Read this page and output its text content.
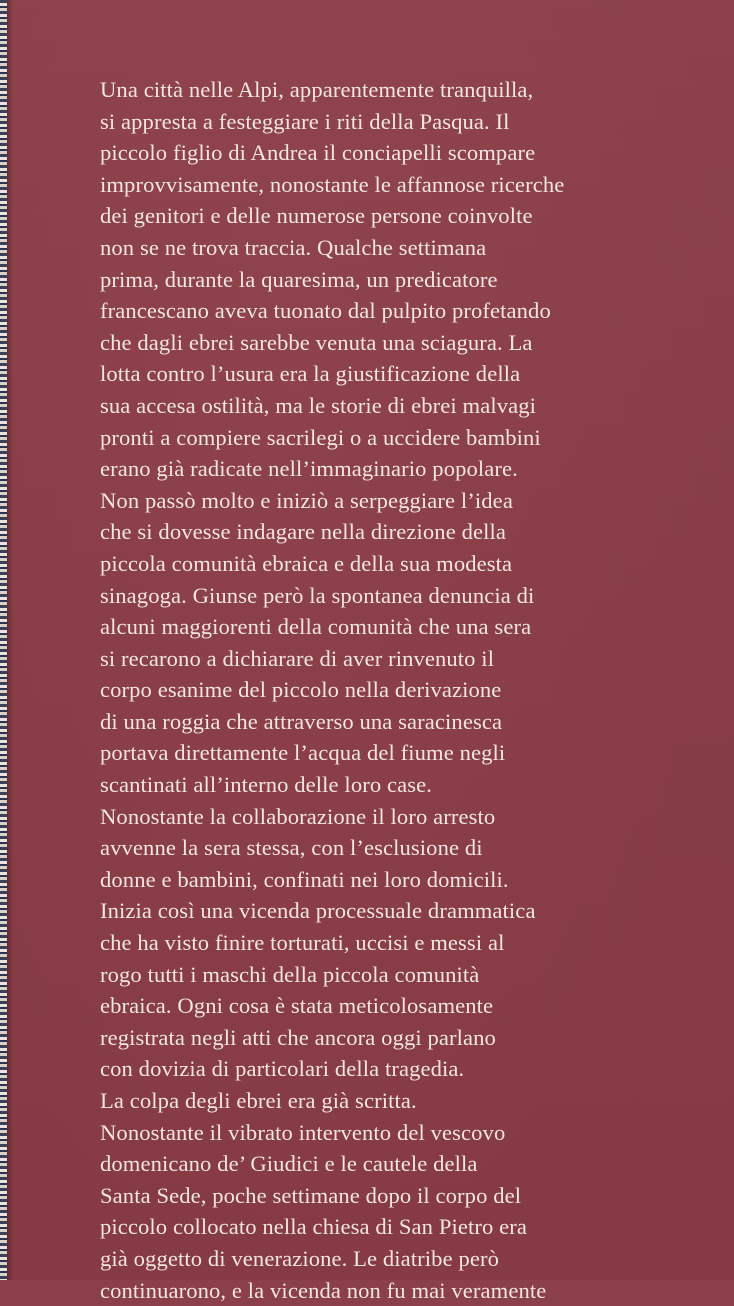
Una città nelle Alpi, apparentemente tranquilla,
si appresta a festeggiare i riti della Pasqua. Il
piccolo figlio di Andrea il conciapelli scompare
improvvisamente, nonostante le affannose ricerche
dei genitori e delle numerose persone coinvolte
non se ne trova traccia. Qualche settimana
prima, durante la quaresima, un predicatore
francescano aveva tuonato dal pulpito profetando
che dagli ebrei sarebbe venuta una sciagura. La
lotta contro l’usura era la giustificazione della
sua accesa ostilità, ma le storie di ebrei malvagi
pronti a compiere sacrilegi o a uccidere bambini
erano già radicate nell’immaginario popolare.
Non passò molto e iniziò a serpeggiare l’idea
che si dovesse indagare nella direzione della
piccola comunità ebraica e della sua modesta
sinagoga. Giunse però la spontanea denuncia di
alcuni maggiorenti della comunità che una sera
si recarono a dichiarare di aver rinvenuto il
corpo esanime del piccolo nella derivazione
di una roggia che attraverso una saracinesca
portava direttamente l’acqua del fiume negli
scantinati all’interno delle loro case.
Nonostante la collaborazione il loro arresto
avvenne la sera stessa, con l’esclusione di
donne e bambini, confinati nei loro domicili.
Inizia così una vicenda processuale drammatica
che ha visto finire torturati, uccisi e messi al
rogo tutti i maschi della piccola comunità
ebraica. Ogni cosa è stata meticolosamente
registrata negli atti che ancora oggi parlano
con dovizia di particolari della tragedia.
La colpa degli ebrei era già scritta.
Nonostante il vibrato intervento del vescovo
domenicano de’ Giudici e le cautele della
Santa Sede, poche settimane dopo il corpo del
piccolo collocato nella chiesa di San Pietro era
già oggetto di venerazione. Le diatribe però
continuarono, e la vicenda non fu mai veramente
